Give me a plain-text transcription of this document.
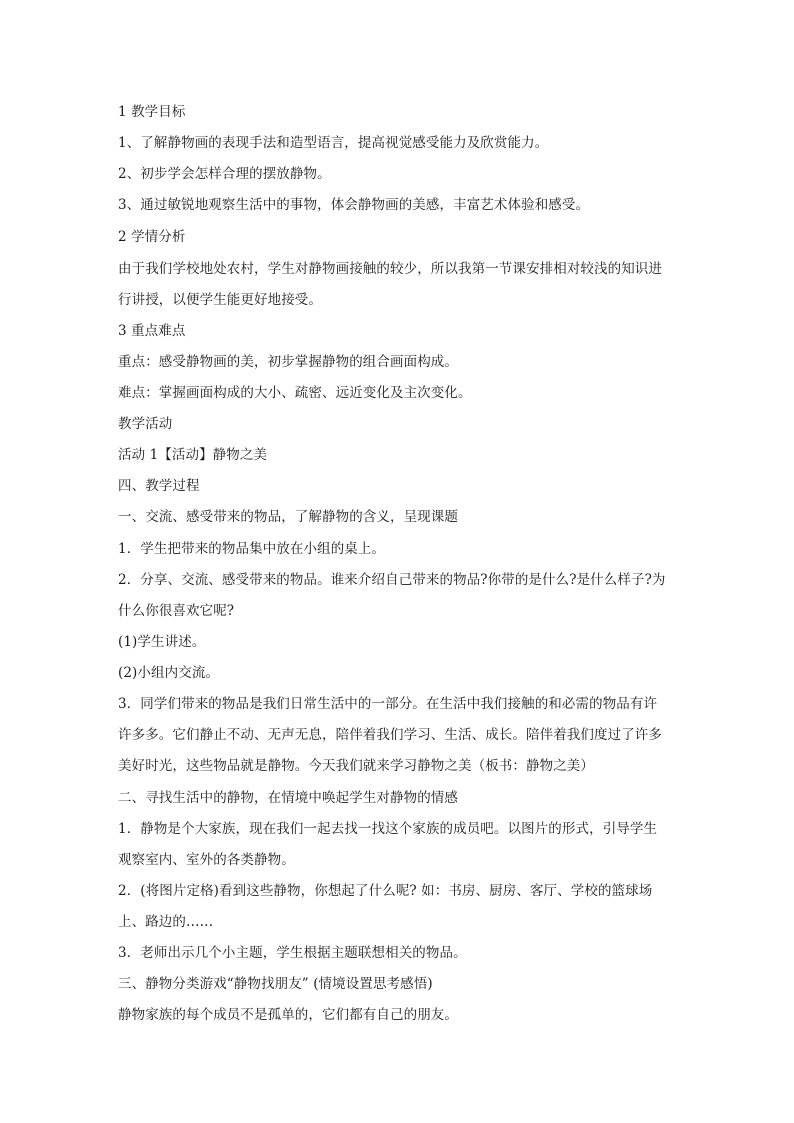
1 教学目标
1、了解静物画的表现手法和造型语言，提高视觉感受能力及欣赏能力。
2、初步学会怎样合理的摆放静物。
3、通过敏锐地观察生活中的事物，体会静物画的美感，丰富艺术体验和感受。
2 学情分析
由于我们学校地处农村，学生对静物画接触的较少，所以我第一节课安排相对较浅的知识进
行讲授，以便学生能更好地接受。
3 重点难点
重点：感受静物画的美，初步掌握静物的组合画面构成。
难点：掌握画面构成的大小、疏密、远近变化及主次变化。
教学活动
活动 1【活动】静物之美
四、教学过程
一、交流、感受带来的物品，了解静物的含义，呈现课题
1．学生把带来的物品集中放在小组的桌上。
2．分享、交流、感受带来的物品。谁来介绍自己带来的物品?你带的是什么?是什么样子?为
什么你很喜欢它呢?
(1)学生讲述。
(2)小组内交流。
3．同学们带来的物品是我们日常生活中的一部分。在生活中我们接触的和必需的物品有许
许多多。它们静止不动、无声无息，陪伴着我们学习、生活、成长。陪伴着我们度过了许多
美好时光，这些物品就是静物。今天我们就来学习静物之美（板书：静物之美）
二、寻找生活中的静物，在情境中唤起学生对静物的情感
1．静物是个大家族，现在我们一起去找一找这个家族的成员吧。以图片的形式，引导学生
观察室内、室外的各类静物。
2．(将图片定格)看到这些静物，你想起了什么呢? 如：书房、厨房、客厅、学校的篮球场
上、路边的……
3．老师出示几个小主题，学生根据主题联想相关的物品。
三、静物分类游戏“静物找朋友” (情境设置思考感悟)
静物家族的每个成员不是孤单的，它们都有自己的朋友。
